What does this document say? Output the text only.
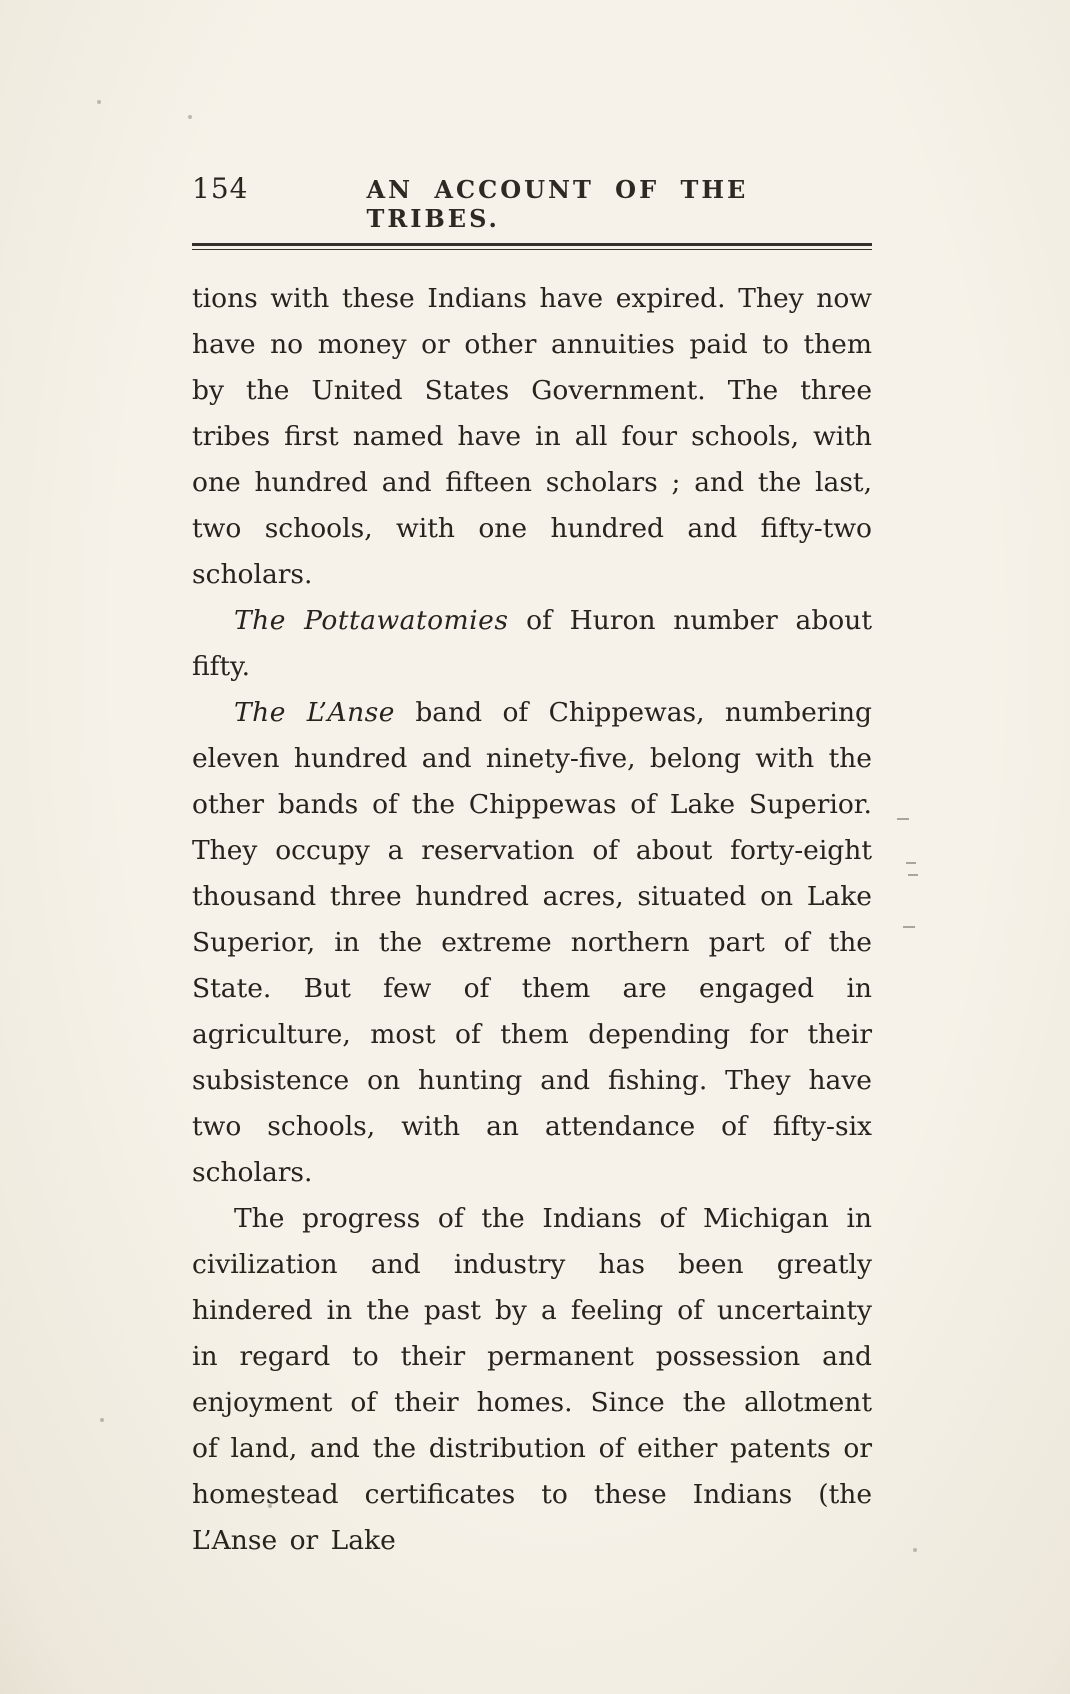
154	AN ACCOUNT OF THE TRIBES.

tions with these Indians have expired. They now have no money or other annuities paid to them by the United States Government. The three tribes first named have in all four schools, with one hundred and fifteen scholars ; and the last, two schools, with one hundred and fifty-two scholars.

The Pottawatomies of Huron number about fifty.

The L’Anse band of Chippewas, numbering eleven hundred and ninety-five, belong with the other bands of the Chippewas of Lake Superior. They occupy a reservation of about forty-eight thousand three hundred acres, situated on Lake Superior, in the extreme northern part of the State. But few of them are engaged in agriculture, most of them depending for their subsistence on hunting and fishing. They have two schools, with an attendance of fifty-six scholars.

The progress of the Indians of Michigan in civilization and industry has been greatly hindered in the past by a feeling of uncertainty in regard to their permanent possession and enjoyment of their homes. Since the allotment of land, and the distribution of either patents or homestead certificates to these Indians (the L’Anse or Lake
